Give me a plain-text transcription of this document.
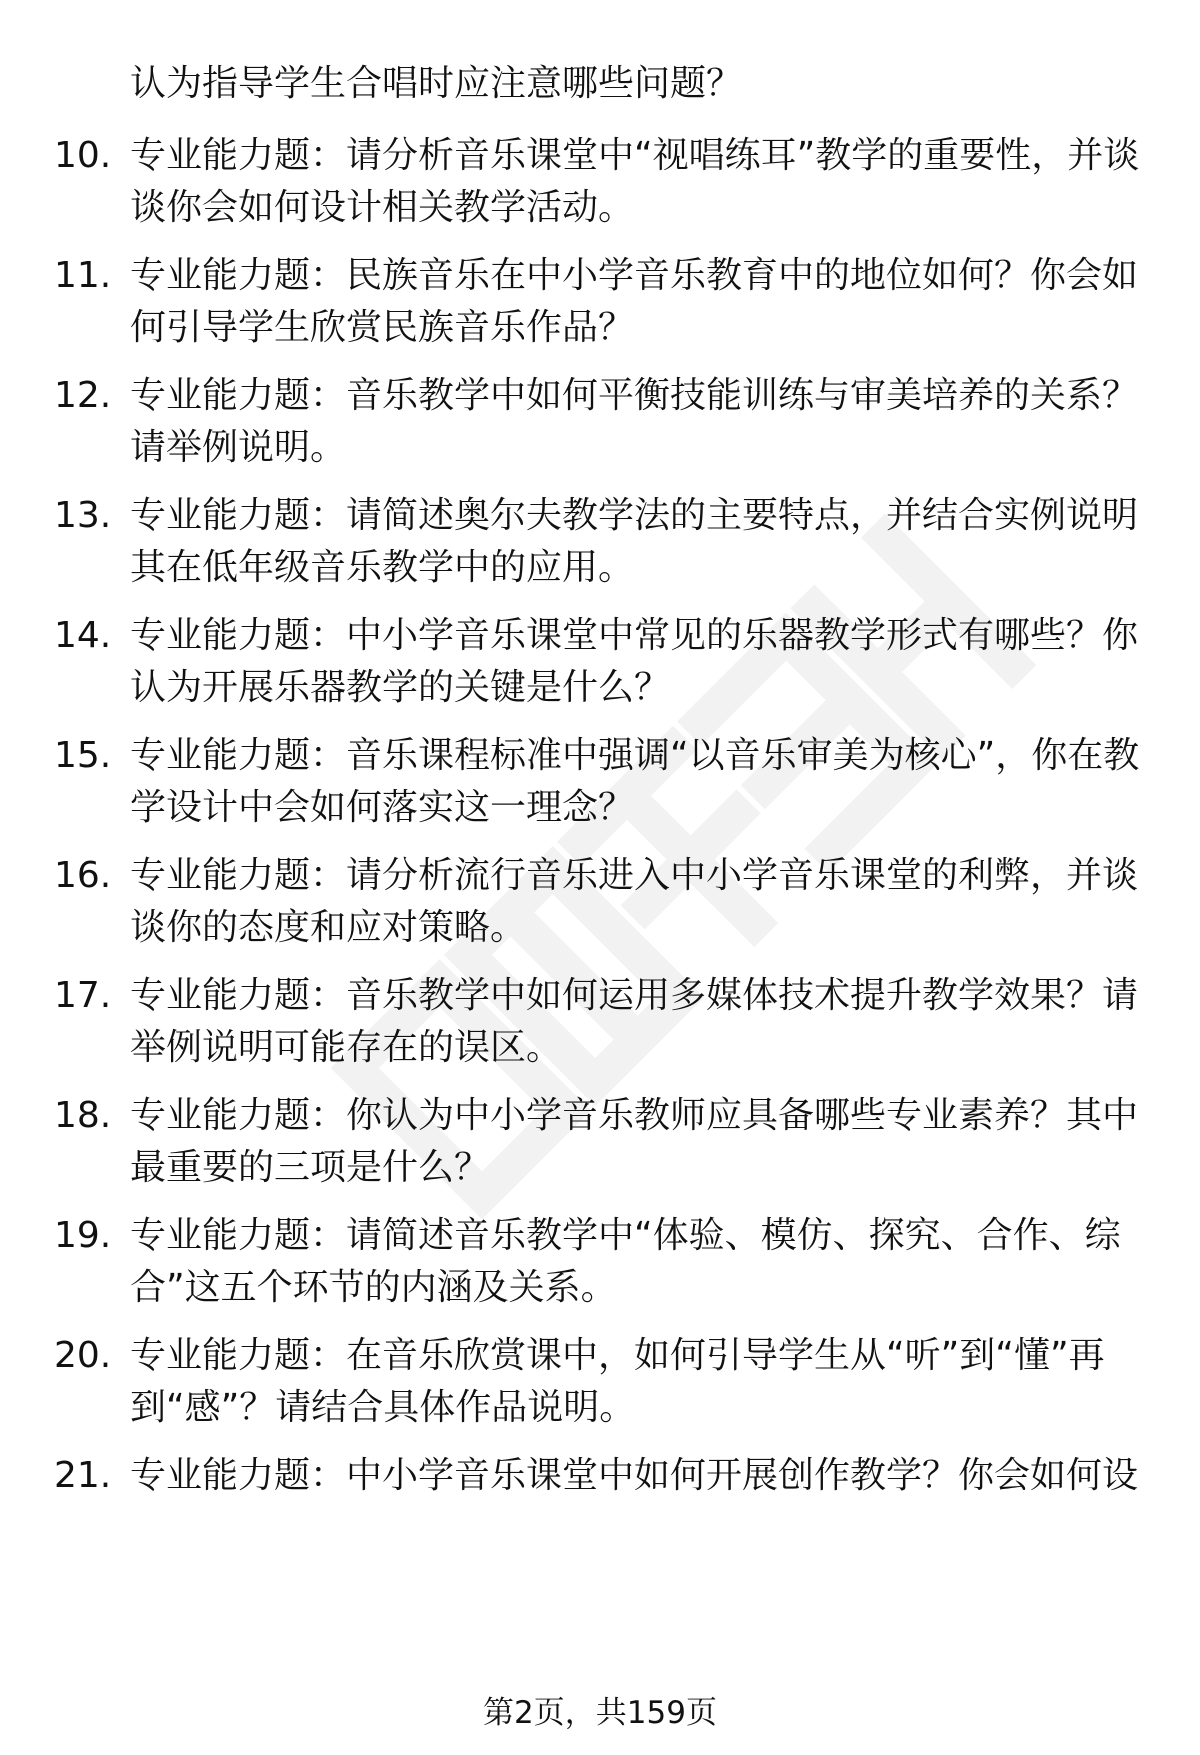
认为指导学生合唱时应注意哪些问题？

10. 专业能力题：请分析音乐课堂中“视唱练耳”教学的重要性，并谈谈你会如何设计相关教学活动。

11. 专业能力题：民族音乐在中小学音乐教育中的地位如何？你会如何引导学生欣赏民族音乐作品？

12. 专业能力题：音乐教学中如何平衡技能训练与审美培养的关系？请举例说明。

13. 专业能力题：请简述奥尔夫教学法的主要特点，并结合实例说明其在低年级音乐教学中的应用。

14. 专业能力题：中小学音乐课堂中常见的乐器教学形式有哪些？你认为开展乐器教学的关键是什么？

15. 专业能力题：音乐课程标准中强调“以音乐审美为核心”，你在教学设计中会如何落实这一理念？

16. 专业能力题：请分析流行音乐进入中小学音乐课堂的利弊，并谈谈你的态度和应对策略。

17. 专业能力题：音乐教学中如何运用多媒体技术提升教学效果？请举例说明可能存在的误区。

18. 专业能力题：你认为中小学音乐教师应具备哪些专业素养？其中最重要的三项是什么？

19. 专业能力题：请简述音乐教学中“体验、模仿、探究、合作、综合”这五个环节的内涵及关系。

20. 专业能力题：在音乐欣赏课中，如何引导学生从“听”到“懂”再到“感”？请结合具体作品说明。

21. 专业能力题：中小学音乐课堂中如何开展创作教学？你会如何设

第2页，共159页
